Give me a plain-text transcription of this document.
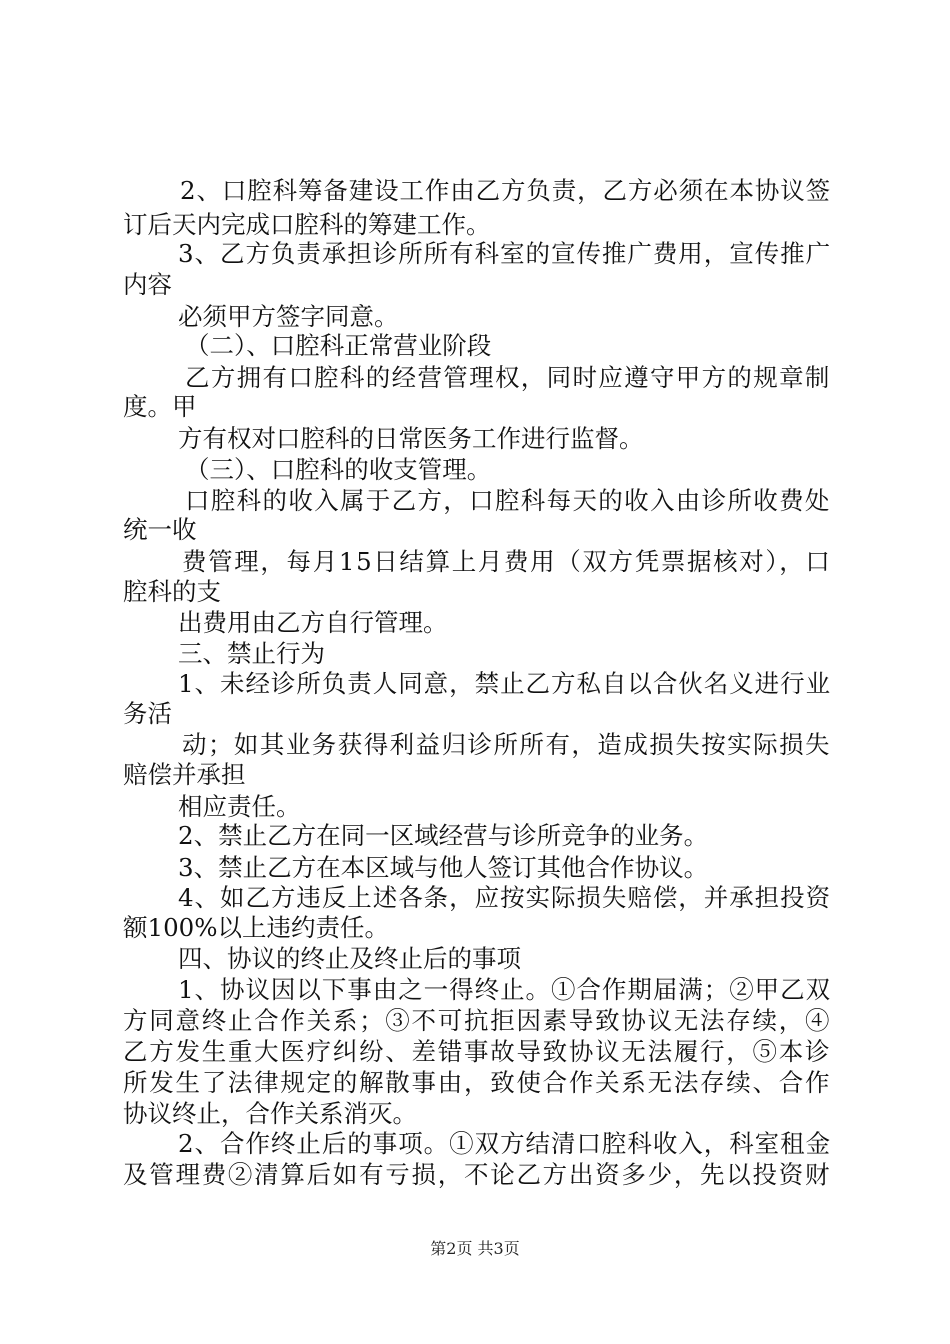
2、口腔科筹备建设工作由乙方负责，乙方必须在本协议签
订后天内完成口腔科的筹建工作。
3、乙方负责承担诊所所有科室的宣传推广费用，宣传推广
内容
必须甲方签字同意。
（二）、口腔科正常营业阶段
乙方拥有口腔科的经营管理权，同时应遵守甲方的规章制
度。甲
方有权对口腔科的日常医务工作进行监督。
（三）、口腔科的收支管理。
口腔科的收入属于乙方，口腔科每天的收入由诊所收费处
统一收
费管理，每月15日结算上月费用（双方凭票据核对），口
腔科的支
出费用由乙方自行管理。
三、禁止行为
1、未经诊所负责人同意，禁止乙方私自以合伙名义进行业
务活
动；如其业务获得利益归诊所所有，造成损失按实际损失
赔偿并承担
相应责任。
2、禁止乙方在同一区域经营与诊所竞争的业务。
3、禁止乙方在本区域与他人签订其他合作协议。
4、如乙方违反上述各条，应按实际损失赔偿，并承担投资
额100%以上违约责任。
四、协议的终止及终止后的事项
1、协议因以下事由之一得终止。①合作期届满；②甲乙双
方同意终止合作关系；③不可抗拒因素导致协议无法存续，④
乙方发生重大医疗纠纷、差错事故导致协议无法履行，⑤本诊
所发生了法律规定的解散事由，致使合作关系无法存续、合作
协议终止，合作关系消灭。
2、合作终止后的事项。①双方结清口腔科收入，科室租金
及管理费②清算后如有亏损，不论乙方出资多少，先以投资财
第2页 共3页
